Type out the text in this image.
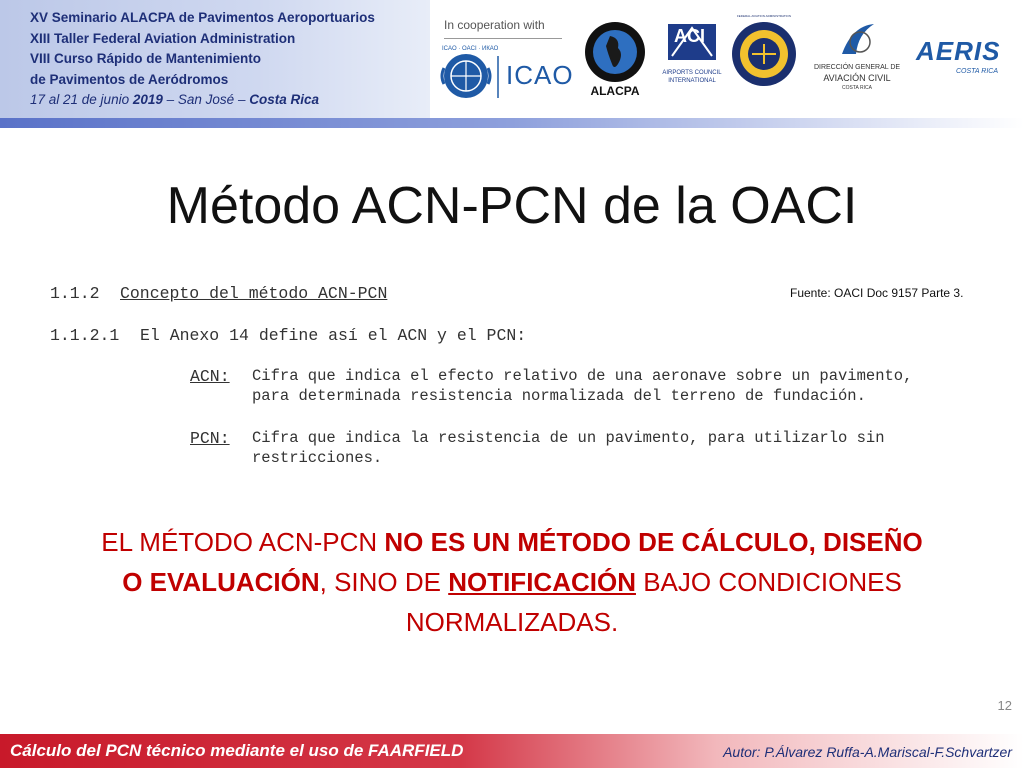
XV Seminario ALACPA de Pavimentos Aeroportuarios
XIII Taller Federal Aviation Administration
VIII Curso Rápido de Mantenimiento
de Pavimentos de Aeródromos
17 al 21 de junio 2019 – San José – Costa Rica
In cooperation with
ICAO · OACI · ИКАО
ICAO
ALACPA
ACI
AIRPORTS COUNCIL
INTERNATIONAL
FEDERAL AVIATION ADMINISTRATION
DIRECCIÓN GENERAL DE
AVIACIÓN CIVIL
COSTA RICA
AERIS
COSTA RICA
Método ACN-PCN de la OACI
Fuente: OACI Doc 9157 Parte 3.
1.1.2 Concepto del método ACN-PCN
1.1.2.1 El Anexo 14 define así el ACN y el PCN:
ACN: Cifra que indica el efecto relativo de una aeronave sobre un pavimento,
para determinada resistencia normalizada del terreno de fundación.
PCN: Cifra que indica la resistencia de un pavimento, para utilizarlo sin
restricciones.
EL MÉTODO ACN-PCN NO ES UN MÉTODO DE CÁLCULO, DISEÑO O EVALUACIÓN, SINO DE NOTIFICACIÓN BAJO CONDICIONES NORMALIZADAS.
12
Cálculo del PCN técnico mediante el uso de FAARFIELD	Autor: P.Álvarez Ruffa-A.Mariscal-F.Schvartzer
